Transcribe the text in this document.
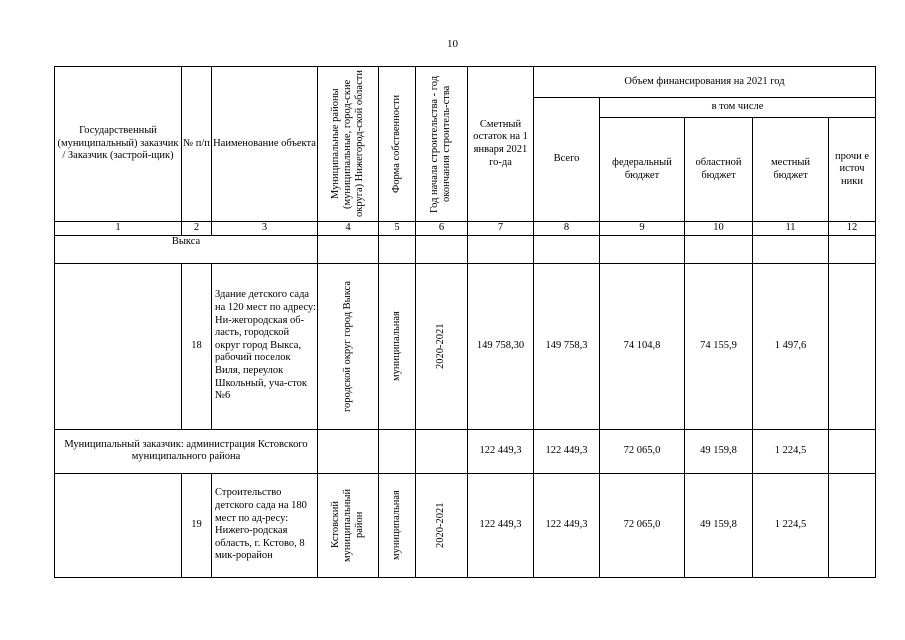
10
Государственный (муниципальный) заказчик / Заказчик (застрой-щик)	№ п/п	Наименование объекта	Муниципальные районы (муниципальные, город-ские округа) Нижегород-ской области	Форма собственности	Год начала строительства - год окончания строитель-ства	Сметный остаток на 1 января 2021 го-да	Объем финансирования на 2021 год				
							Всего	в том числе			
								федеральный бюджет	областной бюджет	местный бюджет	прочи е источ ники
1	2	3	4	5	6	7	8	9	10	11	12
Выкса											
	18	Здание детского сада на 120 мест по адресу: Ни-жегородская об-ласть, городской округ город Выкса, рабочий поселок Виля, переулок Школьный, уча-сток №6	городской округ город Выкса	муниципальная	2020-2021	149 758,30	149 758,3	74 104,8	74 155,9	1 497,6	
Муниципальный заказчик: администрация Кстовского муниципального района						122 449,3	122 449,3	72 065,0	49 159,8	1 224,5	
	19	Строительство детского сада на 180 мест по ад-ресу: Нижего-родская область, г. Кстово, 8 мик-рорайон	Кстовский муниципальный район	муниципальная	2020-2021	122 449,3	122 449,3	72 065,0	49 159,8	1 224,5	
